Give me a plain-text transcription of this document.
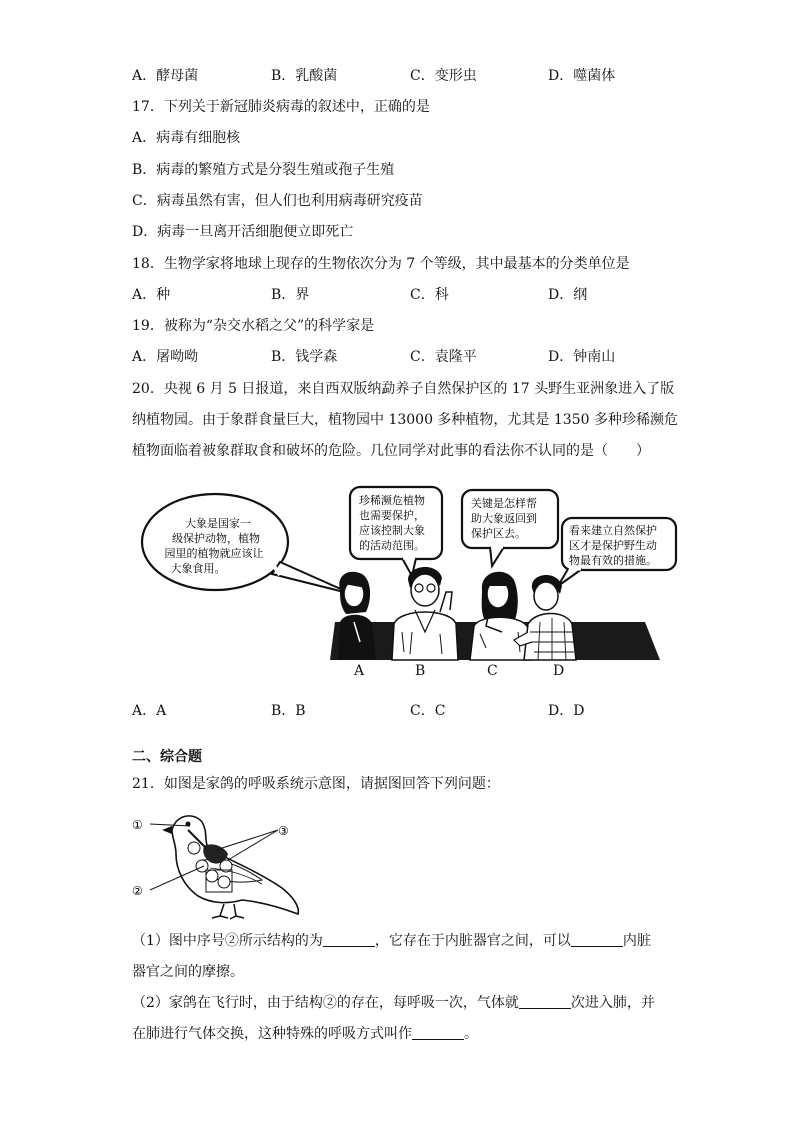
A．酵母菌	B．乳酸菌	C．变形虫	D．噬菌体
17．下列关于新冠肺炎病毒的叙述中，正确的是
A．病毒有细胞核
B．病毒的繁殖方式是分裂生殖或孢子生殖
C．病毒虽然有害，但人们也利用病毒研究疫苗
D．病毒一旦离开活细胞便立即死亡
18．生物学家将地球上现存的生物依次分为 7 个等级，其中最基本的分类单位是
A．种	B．界	C．科	D．纲
19．被称为“杂交水稻之父”的科学家是
A．屠呦呦	B．钱学森	C．袁隆平	D．钟南山
20．央视 6 月 5 日报道，来自西双版纳勐养子自然保护区的 17 头野生亚洲象进入了版
纳植物园。由于象群食量巨大，植物园中 13000 多种植物，尤其是 1350 多种珍稀濒危
植物面临着被象群取食和破坏的危险。几位同学对此事的看法你不认同的是（　　）
大象是国家一
级保护动物，植物
园里的植物就应该让
大象食用。
珍稀濒危植物
也需要保护，
应该控制大象
的活动范围。
关键是怎样帮
助大象返回到
保护区去。	看来建立自然保护
区才是保护野生动
物最有效的措施。
A	B	C	D
A．A	B．B	C．C	D．D
二、综合题
21．如图是家鸽的呼吸系统示意图，请据图回答下列问题：
①
②
③
（1）图中序号②所示结构的为	，它存在于内脏器官之间，可以	内脏
器官之间的摩擦。
（2）家鸽在飞行时，由于结构②的存在，每呼吸一次，气体就	次进入肺，并
在肺进行气体交换，这种特殊的呼吸方式叫作	。
